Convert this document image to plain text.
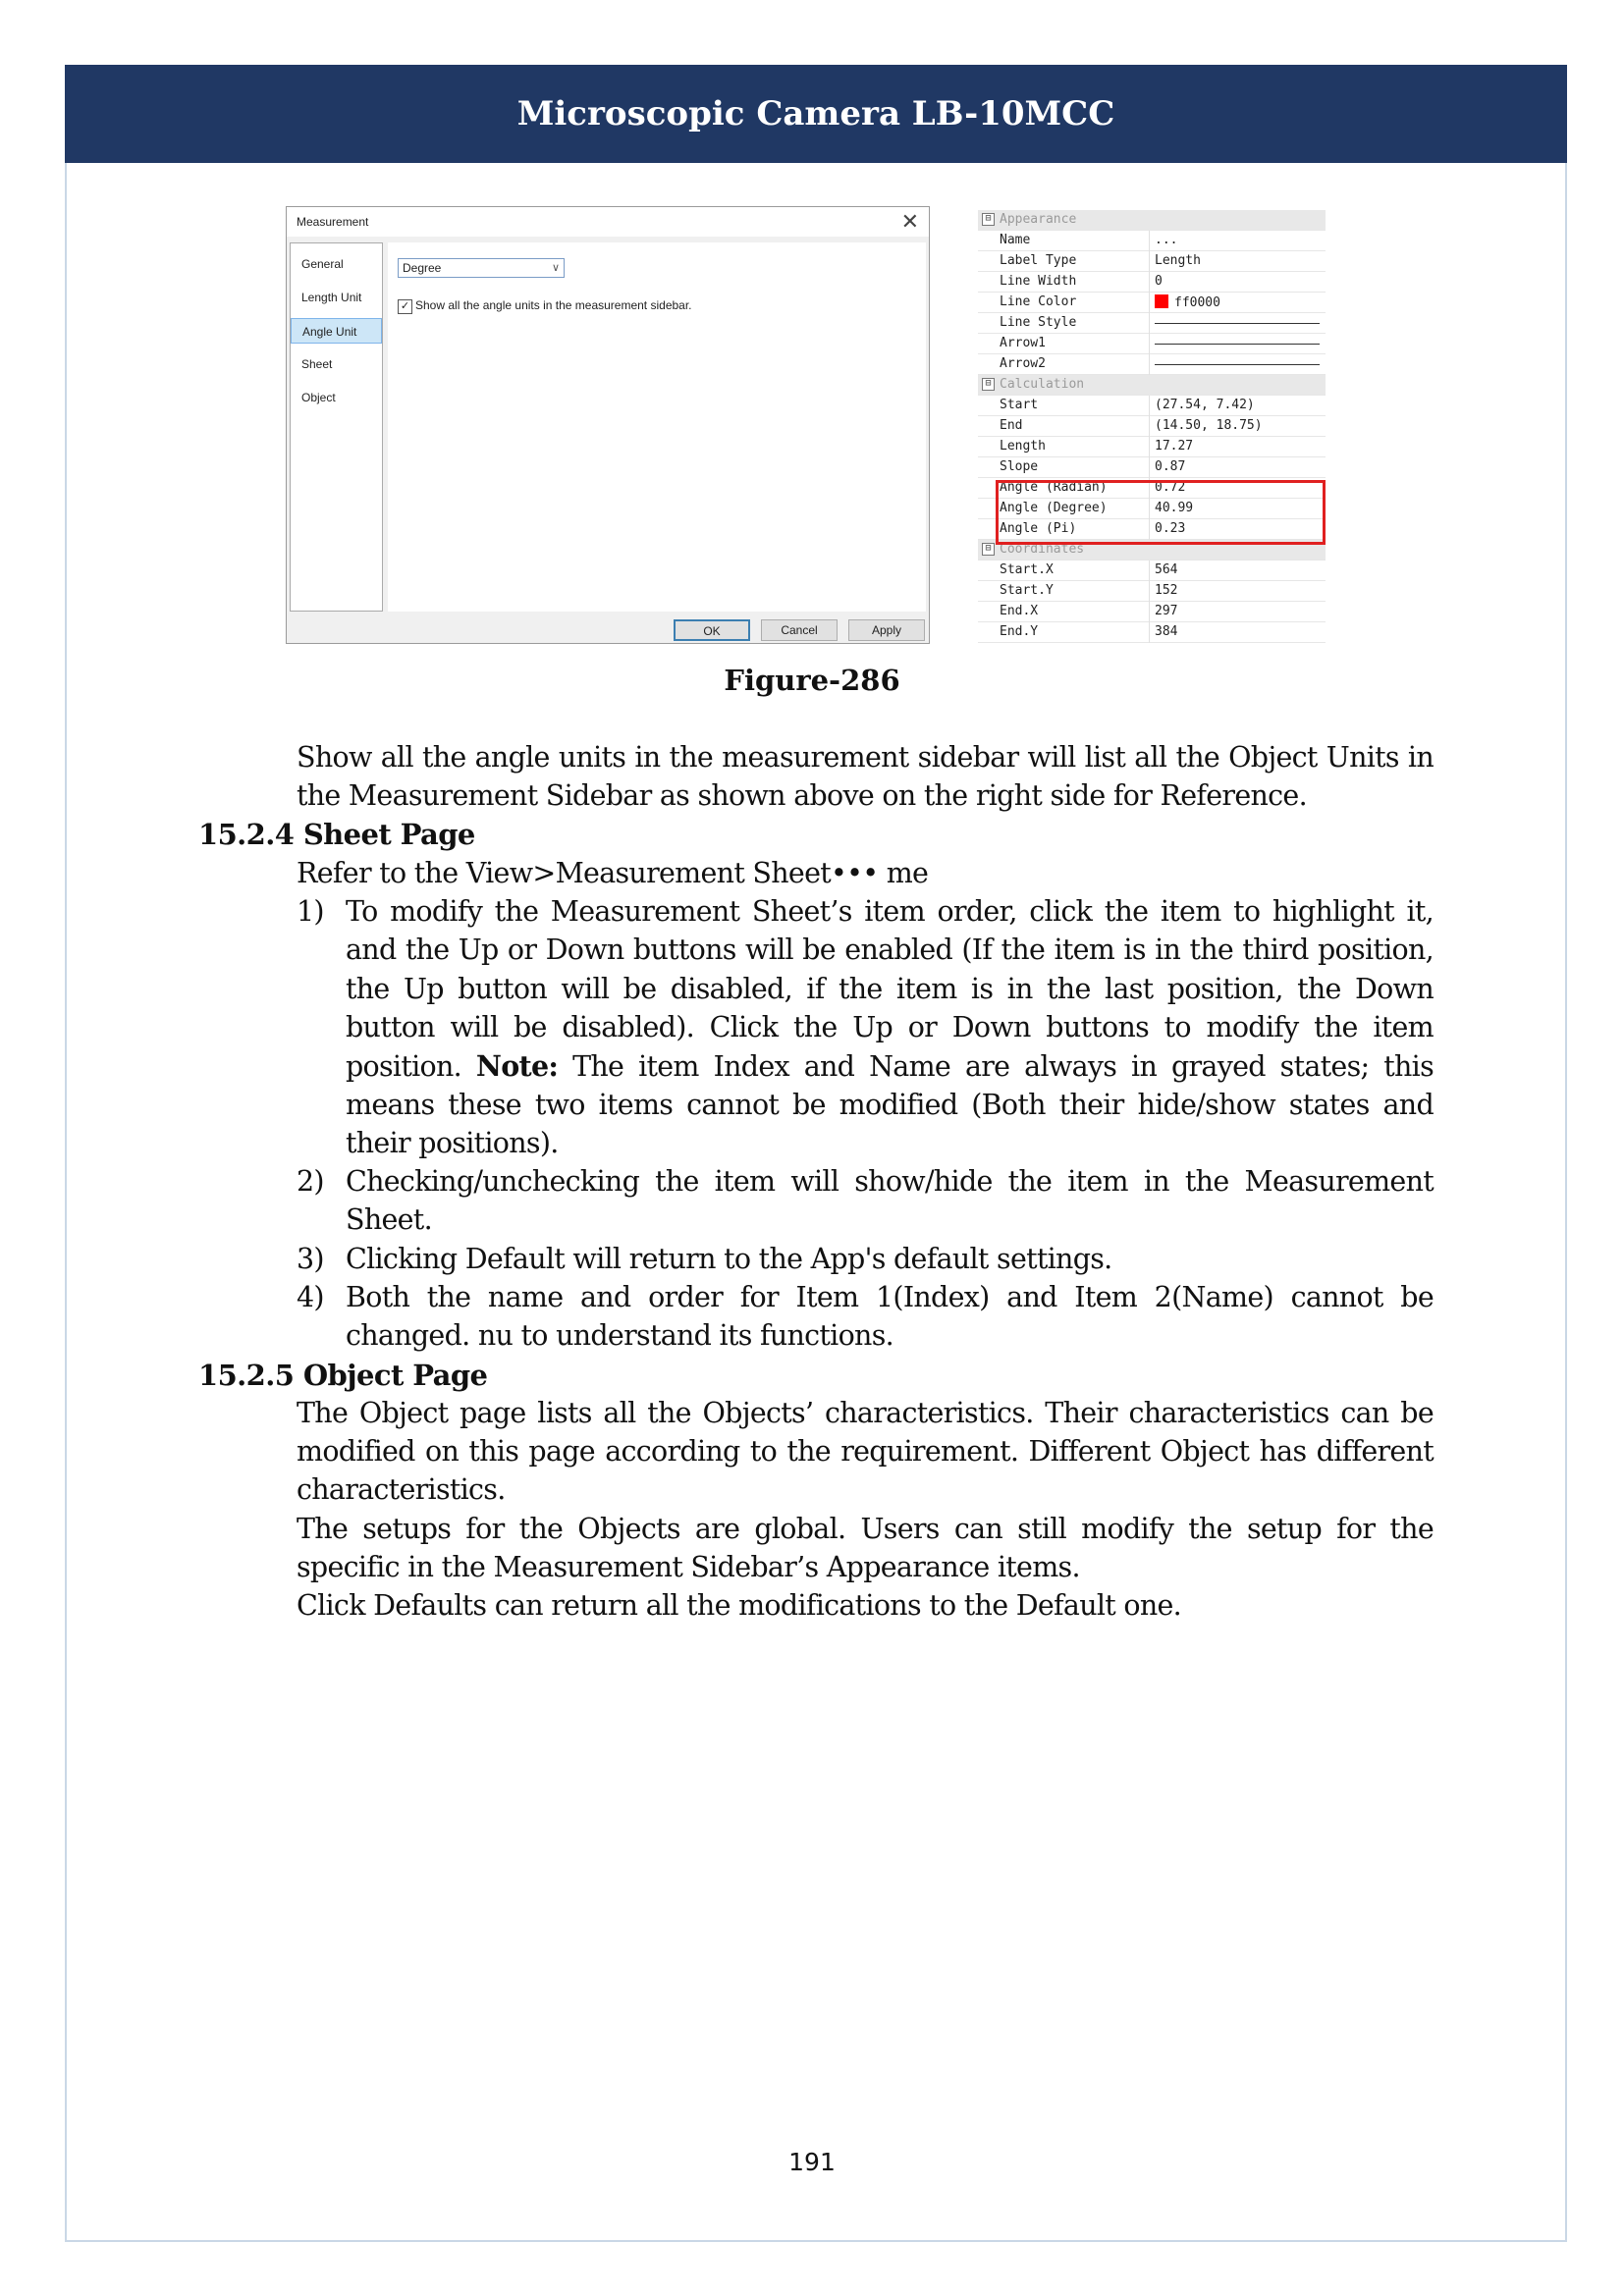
Microscopic Camera LB-10MCC
Measurement	✕
General
Length Unit
Angle Unit
Sheet
Object
Degree	∨
✓ Show all the angle units in the measurement sidebar.
OK	Cancel	Apply
⊟ Appearance
Name	...
Label Type	Length
Line Width	0
Line Color	ff0000
Line Style
Arrow1
Arrow2
⊟ Calculation
Start	(27.54, 7.42)
End	(14.50, 18.75)
Length	17.27
Slope	0.87
Angle (Radian)	0.72
Angle (Degree)	40.99
Angle (Pi)	0.23
⊟ Coordinates
Start.X	564
Start.Y	152
End.X	297
End.Y	384
Figure-286

Show all the angle units in the measurement sidebar will list all the Object Units in

the Measurement Sidebar as shown above on the right side for Reference.

15.2.4 Sheet Page

Refer to the View>Measurement Sheet••• me

1) To modify the Measurement Sheet’s item order, click the item to highlight it,

and the Up or Down buttons will be enabled (If the item is in the third position,

the Up button will be disabled, if the item is in the last position, the Down

button will be disabled). Click the Up or Down buttons to modify the item

position. Note: The item Index and Name are always in grayed states; this

means these two items cannot be modified (Both their hide/show states and

their positions).

2) Checking/unchecking the item will show/hide the item in the Measurement

Sheet.

3) Clicking Default will return to the App's default settings.

4) Both the name and order for Item 1(Index) and Item 2(Name) cannot be

changed. nu to understand its functions.

15.2.5 Object Page

The Object page lists all the Objects’ characteristics. Their characteristics can be

modified on this page according to the requirement. Different Object has different

characteristics.

The setups for the Objects are global. Users can still modify the setup for the

specific in the Measurement Sidebar’s Appearance items.

Click Defaults can return all the modifications to the Default one.

191
